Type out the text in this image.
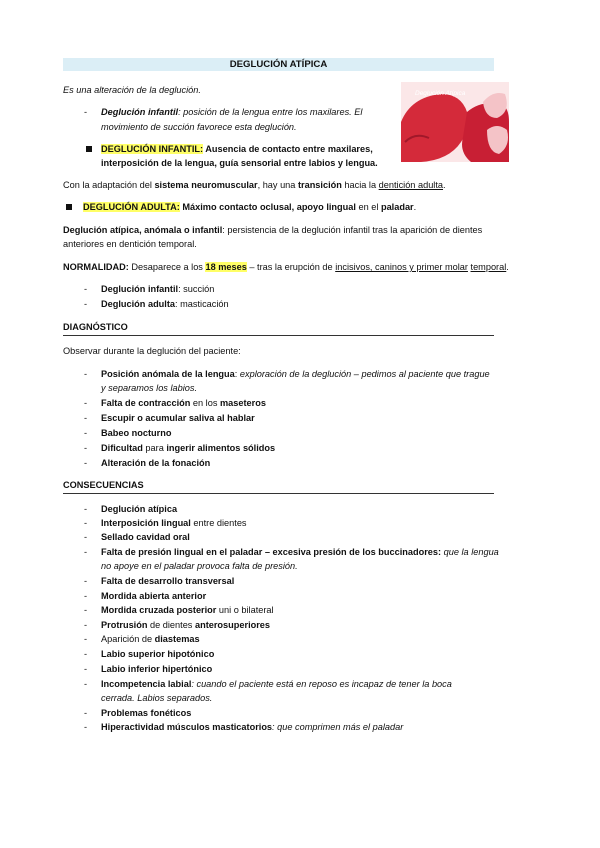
DEGLUCIÓN ATÍPICA
Es una alteración de la deglución.	Deglución Atípica
- Deglución infantil: posición de la lengua entre los maxilares. El
movimiento de succión favorece esta deglución.
DEGLUCIÓN INFANTIL: Ausencia de contacto entre maxilares,
interposición de la lengua, guía sensorial entre labios y lengua.
Con la adaptación del sistema neuromuscular, hay una transición hacia la dentición adulta.
DEGLUCIÓN ADULTA: Máximo contacto oclusal, apoyo lingual en el paladar.
Deglución atípica, anómala o infantil: persistencia de la deglución infantil tras la aparición de dientes
anteriores en dentición temporal.
NORMALIDAD: Desaparece a los 18 meses – tras la erupción de incisivos, caninos y primer molar temporal.
- Deglución infantil: succión
- Deglución adulta: masticación
DIAGNÓSTICO
Observar durante la deglución del paciente:
- Posición anómala de la lengua: exploración de la deglución – pedimos al paciente que trague
y separamos los labios.
- Falta de contracción en los maseteros
- Escupir o acumular saliva al hablar
- Babeo nocturno
- Dificultad para ingerir alimentos sólidos
- Alteración de la fonación
CONSECUENCIAS
- Deglución atípica
- Interposición lingual entre dientes
- Sellado cavidad oral
- Falta de presión lingual en el paladar – excesiva presión de los buccinadores: que la lengua
no apoye en el paladar provoca falta de presión.
- Falta de desarrollo transversal
- Mordida abierta anterior
- Mordida cruzada posterior uni o bilateral
- Protrusión de dientes anterosuperiores
- Aparición de diastemas
- Labio superior hipotónico
- Labio inferior hipertónico
- Incompetencia labial: cuando el paciente está en reposo es incapaz de tener la boca
cerrada. Labios separados.
- Problemas fonéticos
- Hiperactividad músculos masticatorios: que comprimen más el paladar
